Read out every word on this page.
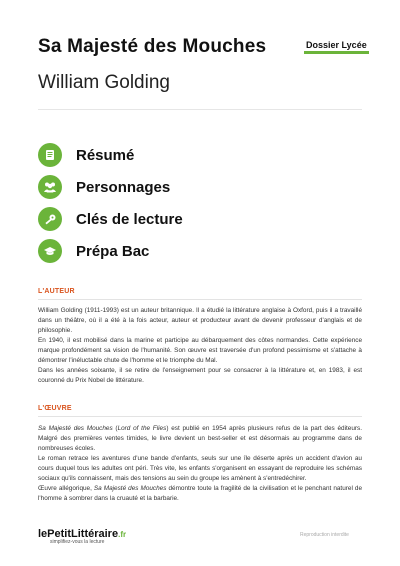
Sa Majesté des Mouches
William Golding
Dossier Lycée
Résumé
Personnages
Clés de lecture
Prépa Bac
L'AUTEUR

William Golding (1911-1993) est un auteur britannique. Il a étudié la littérature anglaise à Oxford, puis il a travaillé dans un théâtre, où il a été à la fois acteur, auteur et producteur avant de devenir professeur d'anglais et de philosophie.

En 1940, il est mobilisé dans la marine et participe au débarquement des côtes normandes. Cette expérience marque profondément sa vision de l'humanité. Son œuvre est traversée d'un profond pessimisme et s'attache à démontrer l'inéluctable chute de l'homme et le triomphe du Mal.

Dans les années soixante, il se retire de l'enseignement pour se consacrer à la littérature et, en 1983, il est couronné du Prix Nobel de littérature.

L'ŒUVRE

Sa Majesté des Mouches (Lord of the Flies) est publié en 1954 après plusieurs refus de la part des éditeurs. Malgré des premières ventes timides, le livre devient un best-seller et est désormais au programme dans de nombreuses écoles.

Le roman retrace les aventures d'une bande d'enfants, seuls sur une île déserte après un accident d'avion au cours duquel tous les adultes ont péri. Très vite, les enfants s'organisent en essayant de reproduire les schémas sociaux qu'ils connaissent, mais des tensions au sein du groupe les amènent à s'entredéchirer.

Œuvre allégorique, Sa Majesté des Mouches démontre toute la fragilité de la civilisation et le penchant naturel de l'homme à sombrer dans la cruauté et la barbarie.

lePetitLittéraire.fr
simplifiez-vous la lecture
Reproduction interdite
